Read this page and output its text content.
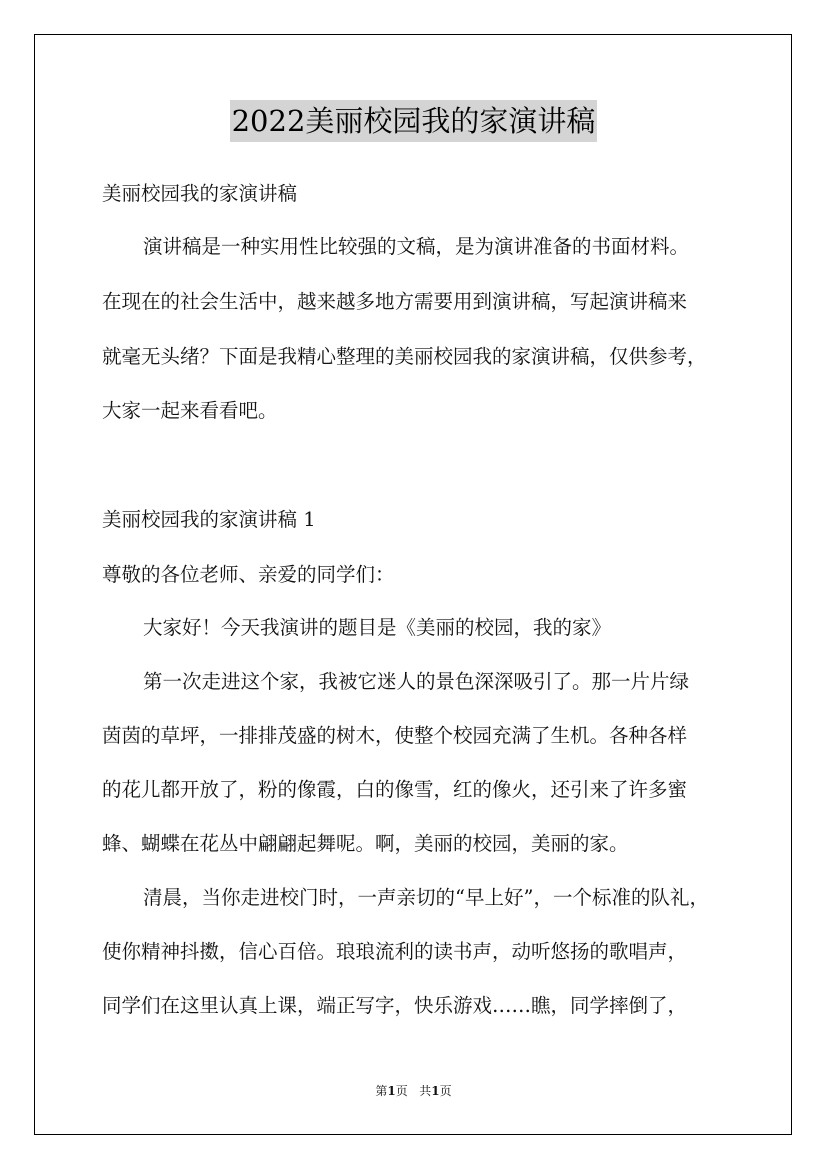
2022美丽校园我的家演讲稿
美丽校园我的家演讲稿
演讲稿是一种实用性比较强的文稿，是为演讲准备的书面材料。
在现在的社会生活中，越来越多地方需要用到演讲稿，写起演讲稿来
就毫无头绪？下面是我精心整理的美丽校园我的家演讲稿，仅供参考，
大家一起来看看吧。
美丽校园我的家演讲稿 1
尊敬的各位老师、亲爱的同学们：
大家好！今天我演讲的题目是《美丽的校园，我的家》
第一次走进这个家，我被它迷人的景色深深吸引了。那一片片绿
茵茵的草坪，一排排茂盛的树木，使整个校园充满了生机。各种各样
的花儿都开放了，粉的像霞，白的像雪，红的像火，还引来了许多蜜
蜂、蝴蝶在花丛中翩翩起舞呢。啊，美丽的校园，美丽的家。
清晨，当你走进校门时，一声亲切的“早上好”，一个标准的队礼，
使你精神抖擞，信心百倍。琅琅流利的读书声，动听悠扬的歌唱声，
同学们在这里认真上课，端正写字，快乐游戏……瞧，同学摔倒了，
第1页 共1页
